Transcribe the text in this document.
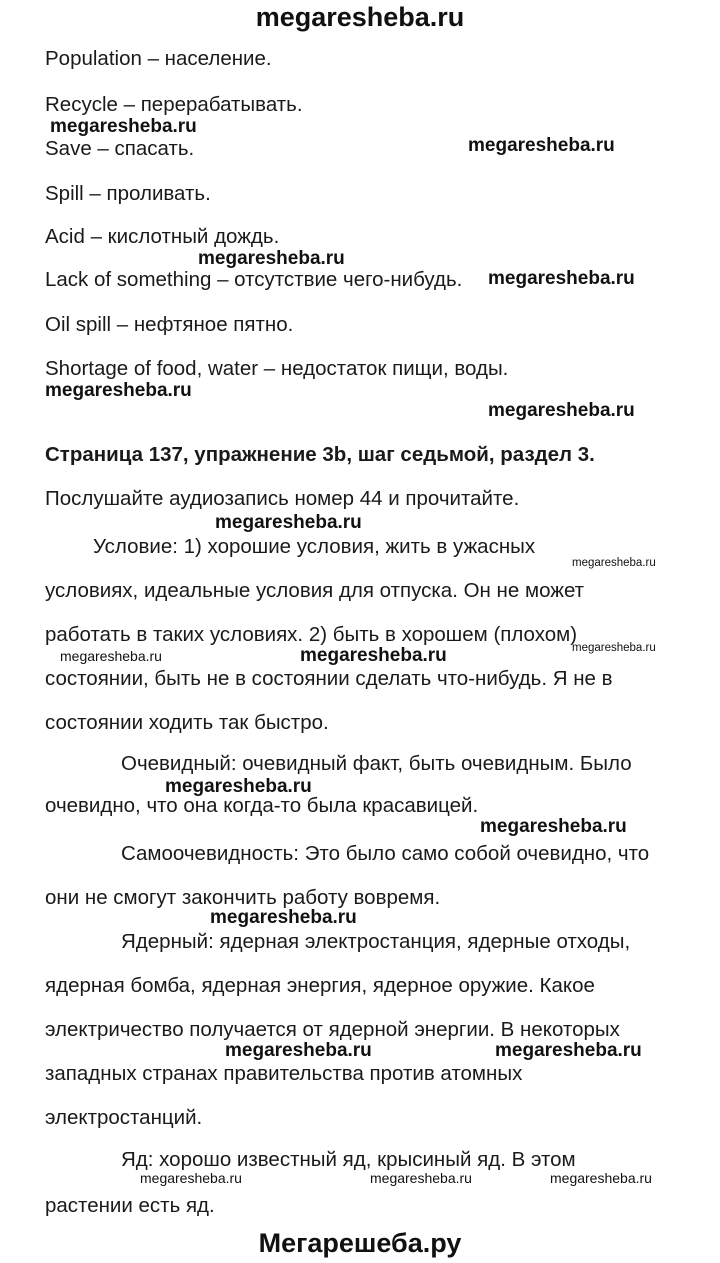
megaresheba.ru
Population – население.
Recycle – перерабатывать.
Save – спасать.
Spill – проливать.
Acid – кислотный дождь.
Lack of something – отсутствие чего-нибудь.
Oil spill – нефтяное пятно.
Shortage of food, water – недостаток пищи, воды.
Страница 137, упражнение 3b, шаг седьмой, раздел 3.
Послушайте аудиозапись номер 44 и прочитайте.
Условие: 1) хорошие условия, жить в ужасных
условиях, идеальные условия для отпуска. Он не может
работать в таких условиях. 2) быть в хорошем (плохом)
состоянии, быть не в состоянии сделать что-нибудь. Я не в
состоянии ходить так быстро.
Очевидный: очевидный факт, быть очевидным. Было
очевидно, что она когда-то была красавицей.
Самоочевидность: Это было само собой очевидно, что
они не смогут закончить работу вовремя.
Ядерный: ядерная электростанция, ядерные отходы,
ядерная бомба, ядерная энергия, ядерное оружие. Какое
электричество получается от ядерной энергии. В некоторых
западных странах правительства против атомных
электростанций.
Яд: хорошо известный яд, крысиный яд. В этом
растении есть яд.
megaresheba.ru
megaresheba.ru
megaresheba.ru
megaresheba.ru
megaresheba.ru
megaresheba.ru
megaresheba.ru
megaresheba.ru
megaresheba.ru	megaresheba.ru	megaresheba.ru
megaresheba.ru
megaresheba.ru
megaresheba.ru
megaresheba.ru	megaresheba.ru
megaresheba.ru	megaresheba.ru	megaresheba.ru
Мегарешеба.ру
